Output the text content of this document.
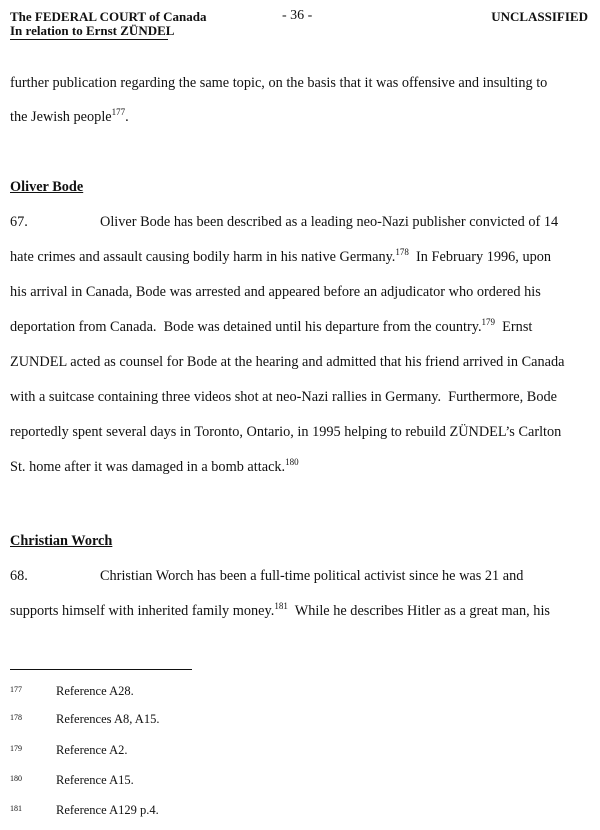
The FEDERAL COURT of Canada
In relation to Ernst ZÜNDEL
- 36 -	UNCLASSIFIED
further publication regarding the same topic, on the basis that it was offensive and insulting to
the Jewish people$^{177}$.
Oliver Bode
67.	Oliver Bode has been described as a leading neo-Nazi publisher convicted of 14
hate crimes and assault causing bodily harm in his native Germany.$^{178}$  In February 1996, upon
his arrival in Canada, Bode was arrested and appeared before an adjudicator who ordered his
deportation from Canada.  Bode was detained until his departure from the country.$^{179}$  Ernst
ZUNDEL acted as counsel for Bode at the hearing and admitted that his friend arrived in Canada
with a suitcase containing three videos shot at neo-Nazi rallies in Germany.  Furthermore, Bode
reportedly spent several days in Toronto, Ontario, in 1995 helping to rebuild ZÜNDEL’s Carlton
St. home after it was damaged in a bomb attack.$^{180}$
Christian Worch
68.	Christian Worch has been a full-time political activist since he was 21 and
supports himself with inherited family money.$^{181}$  While he describes Hitler as a great man, his
177	Reference A28.
178	References A8, A15.
179	Reference A2.
180	Reference A15.
181	Reference A129 p.4.
